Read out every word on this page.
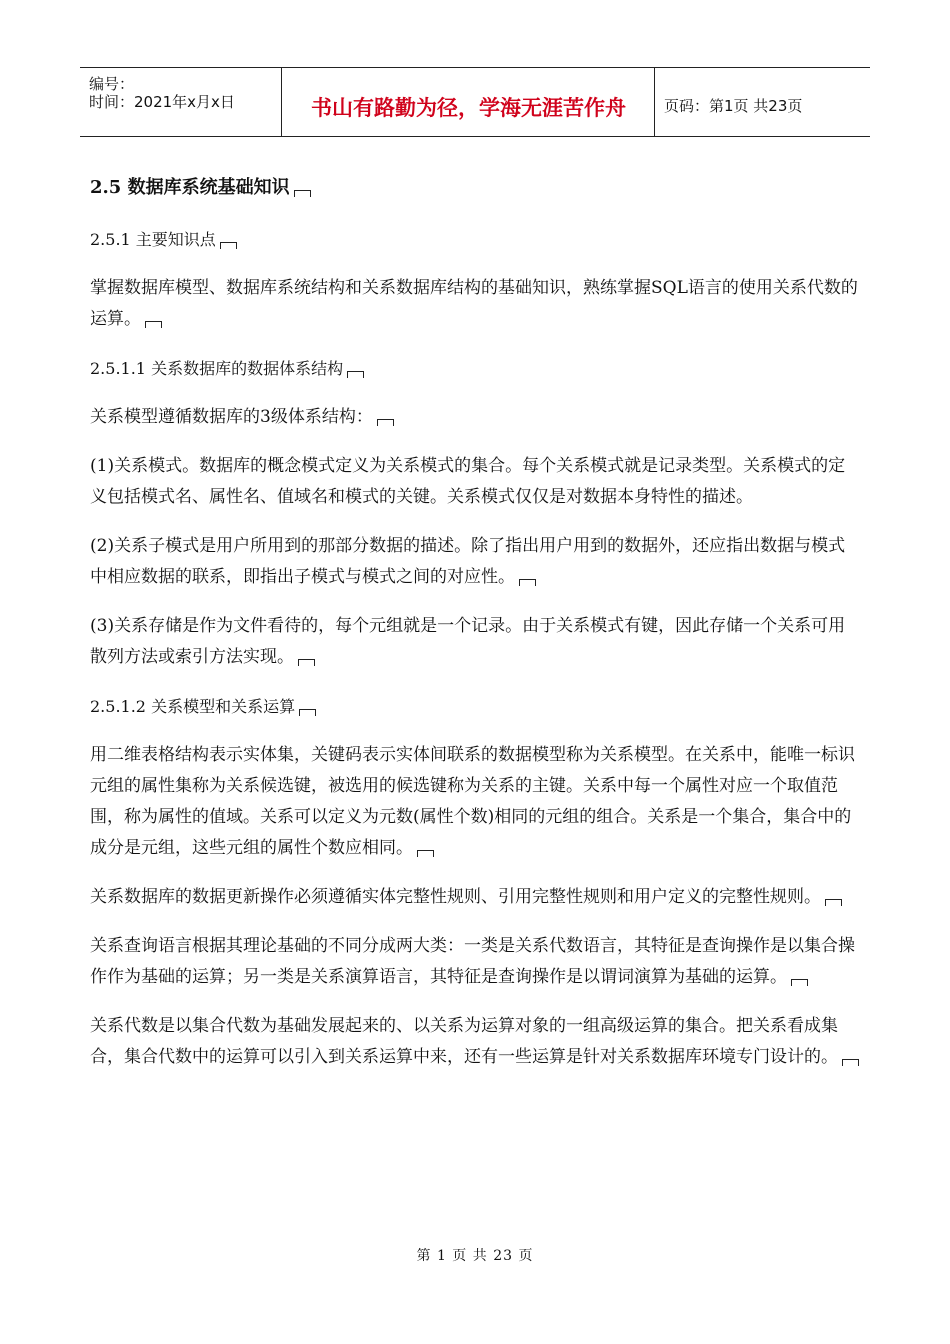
编号：
时间：2021年x月x日	书山有路勤为径，学海无涯苦作舟	页码：第1页 共23页
2.5 数据库系统基础知识
2.5.1 主要知识点
掌握数据库模型、数据库系统结构和关系数据库结构的基础知识，熟练掌握SQL语言的使用关系代数的运算。
2.5.1.1 关系数据库的数据体系结构
关系模型遵循数据库的3级体系结构：
(1)关系模式。数据库的概念模式定义为关系模式的集合。每个关系模式就是记录类型。关系模式的定义包括模式名、属性名、值域名和模式的关键。关系模式仅仅是对数据本身特性的描述。
(2)关系子模式是用户所用到的那部分数据的描述。除了指出用户用到的数据外，还应指出数据与模式中相应数据的联系，即指出子模式与模式之间的对应性。
(3)关系存储是作为文件看待的，每个元组就是一个记录。由于关系模式有键，因此存储一个关系可用散列方法或索引方法实现。
2.5.1.2 关系模型和关系运算
用二维表格结构表示实体集，关键码表示实体间联系的数据模型称为关系模型。在关系中，能唯一标识元组的属性集称为关系候选键，被选用的候选键称为关系的主键。关系中每一个属性对应一个取值范围，称为属性的值域。关系可以定义为元数(属性个数)相同的元组的组合。关系是一个集合，集合中的成分是元组，这些元组的属性个数应相同。
关系数据库的数据更新操作必须遵循实体完整性规则、引用完整性规则和用户定义的完整性规则。
关系查询语言根据其理论基础的不同分成两大类：一类是关系代数语言，其特征是查询操作是以集合操作作为基础的运算；另一类是关系演算语言，其特征是查询操作是以谓词演算为基础的运算。
关系代数是以集合代数为基础发展起来的、以关系为运算对象的一组高级运算的集合。把关系看成集合，集合代数中的运算可以引入到关系运算中来，还有一些运算是针对关系数据库环境专门设计的。
第 1 页 共 23 页
